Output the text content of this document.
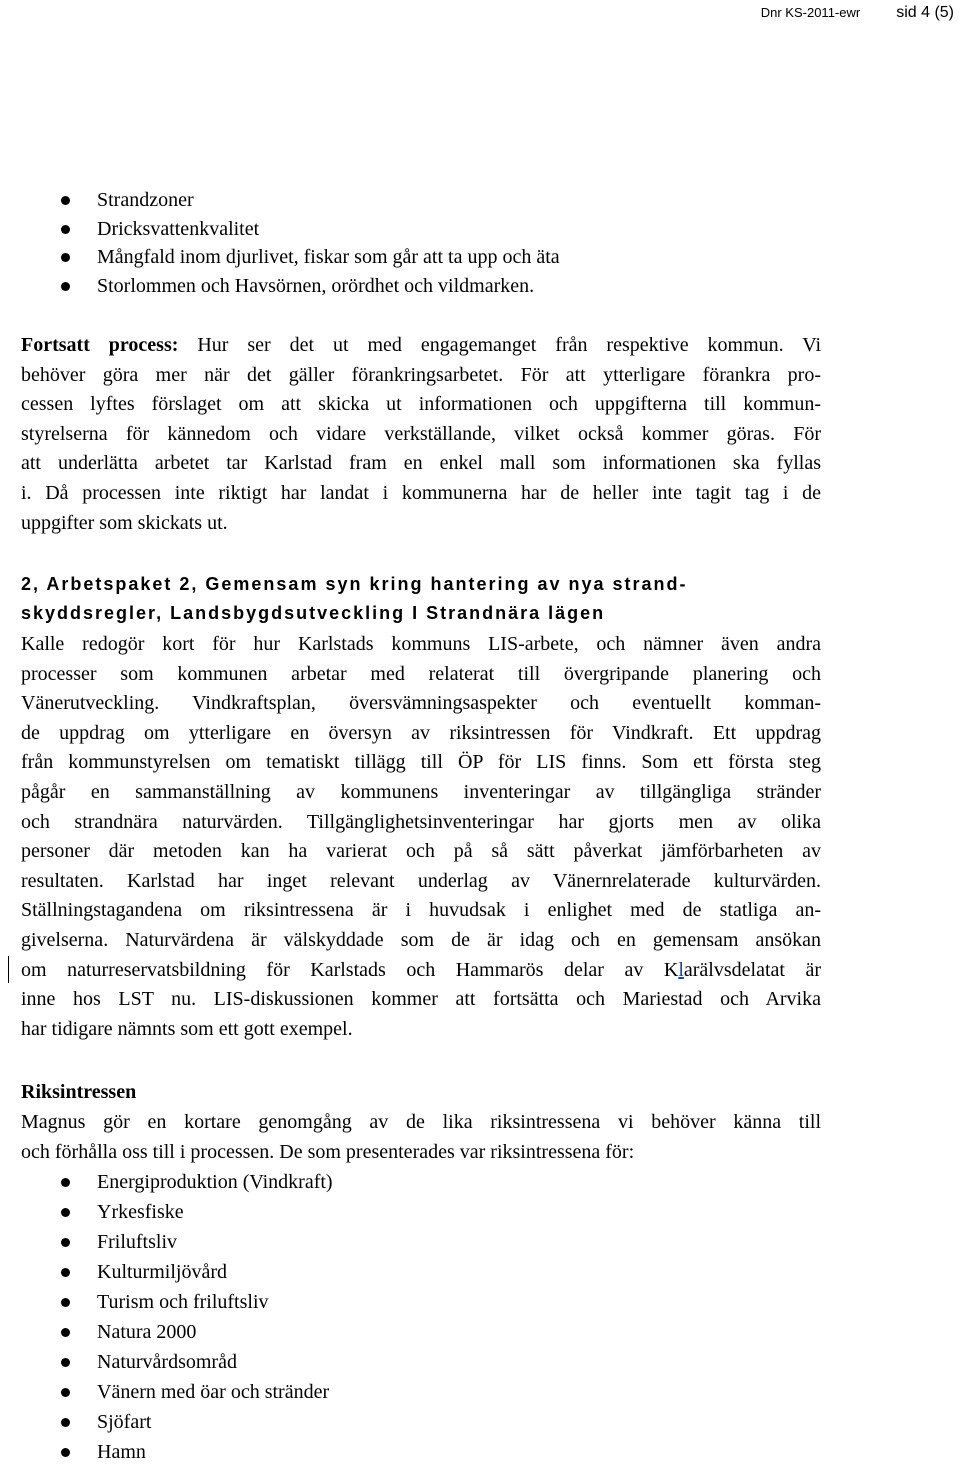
Dnr KS-2011-ewr sid 4 (5)
Strandzoner
Dricksvattenkvalitet
Mångfald inom djurlivet, fiskar som går att ta upp och äta
Storlommen och Havsörnen, orördhet och vildmarken.
Fortsatt process: Hur ser det ut med engagemanget från respektive kommun. Vi
behöver göra mer när det gäller förankringsarbetet. För att ytterligare förankra pro-
cessen lyftes förslaget om att skicka ut informationen och uppgifterna till kommun-
styrelserna för kännedom och vidare verkställande, vilket också kommer göras. För
att underlätta arbetet tar Karlstad fram en enkel mall som informationen ska fyllas
i. Då processen inte riktigt har landat i kommunerna har de heller inte tagit tag i de
uppgifter som skickats ut.
2, Arbetspaket 2, Gemensam syn kring hantering av nya strand-
skyddsregler, Landsbygdsutveckling I Strandnära lägen
Kalle redogör kort för hur Karlstads kommuns LIS-arbete, och nämner även andra
processer som kommunen arbetar med relaterat till övergripande planering och
Vänerutveckling. Vindkraftsplan, översvämningsaspekter och eventuellt komman-
de uppdrag om ytterligare en översyn av riksintressen för Vindkraft. Ett uppdrag
från kommunstyrelsen om tematiskt tillägg till ÖP för LIS finns. Som ett första steg
pågår en sammanställning av kommunens inventeringar av tillgängliga stränder
och strandnära naturvärden. Tillgänglighetsinventeringar har gjorts men av olika
personer där metoden kan ha varierat och på så sätt påverkat jämförbarheten av
resultaten. Karlstad har inget relevant underlag av Vänernrelaterade kulturvärden.
Ställningstagandena om riksintressena är i huvudsak i enlighet med de statliga an-
givelserna. Naturvärdena är välskyddade som de är idag och en gemensam ansökan
om naturreservatsbildning för Karlstads och Hammarös delar av Klarälvsdelatat är
inne hos LST nu. LIS-diskussionen kommer att fortsätta och Mariestad och Arvika
har tidigare nämnts som ett gott exempel.
Riksintressen
Magnus gör en kortare genomgång av de lika riksintressena vi behöver känna till
och förhålla oss till i processen. De som presenterades var riksintressena för:
Energiproduktion (Vindkraft)
Yrkesfiske
Friluftsliv
Kulturmiljövård
Turism och friluftsliv
Natura 2000
Naturvårdsområd
Vänern med öar och stränder
Sjöfart
Hamn
